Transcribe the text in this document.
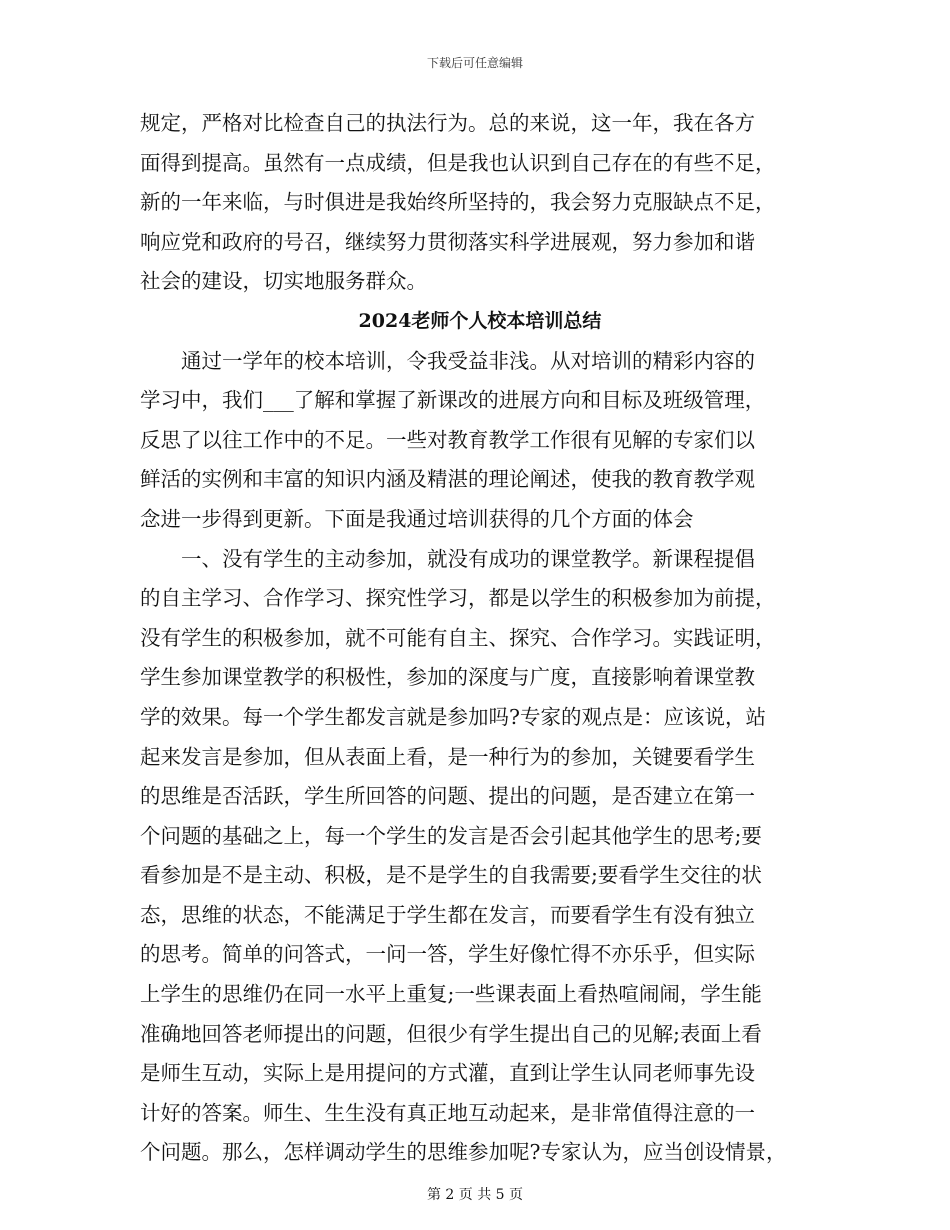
下载后可任意编辑
规定，严格对比检查自己的执法行为。总的来说，这一年，我在各方
面得到提高。虽然有一点成绩，但是我也认识到自己存在的有些不足，
新的一年来临，与时俱进是我始终所坚持的，我会努力克服缺点不足，
响应党和政府的号召，继续努力贯彻落实科学进展观，努力参加和谐
社会的建设，切实地服务群众。
2024老师个人校本培训总结
　　通过一学年的校本培训，令我受益非浅。从对培训的精彩内容的
学习中，我们___了解和掌握了新课改的进展方向和目标及班级管理，
反思了以往工作中的不足。一些对教育教学工作很有见解的专家们以
鲜活的实例和丰富的知识内涵及精湛的理论阐述，使我的教育教学观
念进一步得到更新。下面是我通过培训获得的几个方面的体会
　　一、没有学生的主动参加，就没有成功的课堂教学。新课程提倡
的自主学习、合作学习、探究性学习，都是以学生的积极参加为前提，
没有学生的积极参加，就不可能有自主、探究、合作学习。实践证明，
学生参加课堂教学的积极性，参加的深度与广度，直接影响着课堂教
学的效果。每一个学生都发言就是参加吗?专家的观点是：应该说，站
起来发言是参加，但从表面上看，是一种行为的参加，关键要看学生
的思维是否活跃，学生所回答的问题、提出的问题，是否建立在第一
个问题的基础之上，每一个学生的发言是否会引起其他学生的思考;要
看参加是不是主动、积极，是不是学生的自我需要;要看学生交往的状
态，思维的状态，不能满足于学生都在发言，而要看学生有没有独立
的思考。简单的问答式，一问一答，学生好像忙得不亦乐乎，但实际
上学生的思维仍在同一水平上重复;一些课表面上看热喧闹闹，学生能
准确地回答老师提出的问题，但很少有学生提出自己的见解;表面上看
是师生互动，实际上是用提问的方式灌，直到让学生认同老师事先设
计好的答案。师生、生生没有真正地互动起来，是非常值得注意的一
个问题。那么，怎样调动学生的思维参加呢?专家认为，应当创设情景，
第 2 页 共 5 页
